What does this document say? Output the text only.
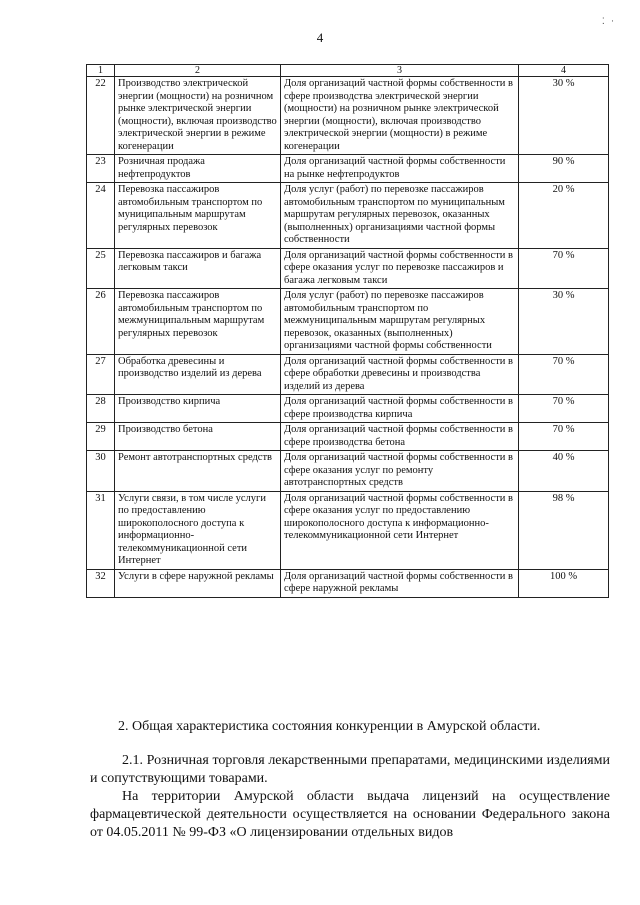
4
⁚ ·
1	2	3	4
22	Производство электрической энергии (мощности) на розничном рынке электрической энергии (мощности), включая производство электрической энергии в режиме когенерации	Доля организаций частной формы собственности в сфере производства электрической энергии (мощности) на розничном рынке электрической энергии (мощности), включая производство электрической энергии (мощности) в режиме когенерации	30 %
23	Розничная продажа нефтепродуктов	Доля организаций частной формы собственности на рынке нефтепродуктов	90 %
24	Перевозка пассажиров автомобильным транспортом по муниципальным маршрутам регулярных перевозок	Доля услуг (работ) по перевозке пассажиров автомобильным транспортом по муниципальным маршрутам регулярных перевозок, оказанных (выполненных) организациями частной формы собственности	20 %
25	Перевозка пассажиров и багажа легковым такси	Доля организаций частной формы собственности в сфере оказания услуг по перевозке пассажиров и багажа легковым такси	70 %
26	Перевозка пассажиров автомобильным транспортом по межмуниципальным маршрутам регулярных перевозок	Доля услуг (работ) по перевозке пассажиров автомобильным транспортом по межмуниципальным маршрутам регулярных перевозок, оказанных (выполненных) организациями частной формы собственности	30 %
27	Обработка древесины и производство изделий из дерева	Доля организаций частной формы собственности в сфере обработки древесины и производства изделий из дерева	70 %
28	Производство кирпича	Доля организаций частной формы собственности в сфере производства кирпича	70 %
29	Производство бетона	Доля организаций частной формы собственности в сфере производства бетона	70 %
30	Ремонт автотранспортных средств	Доля организаций частной формы собственности в сфере оказания услуг по ремонту автотранспортных средств	40 %
31	Услуги связи, в том числе услуги по предоставлению широкополосного доступа к информационно-телекоммуникационной сети Интернет	Доля организаций частной формы собственности в сфере оказания услуг по предоставлению широкополосного доступа к информационно-телекоммуникационной сети Интернет	98 %
32	Услуги в сфере наружной рекламы	Доля организаций частной формы собственности в сфере наружной рекламы	100 %
2. Общая характеристика состояния конкуренции в Амурской области.
2.1. Розничная торговля лекарственными препаратами, медицинскими изделиями и сопутствующими товарами.
На территории Амурской области выдача лицензий на осуществление фармацевтической деятельности осуществляется на основании Федерального закона от 04.05.2011 № 99-ФЗ «О лицензировании отдельных видов
